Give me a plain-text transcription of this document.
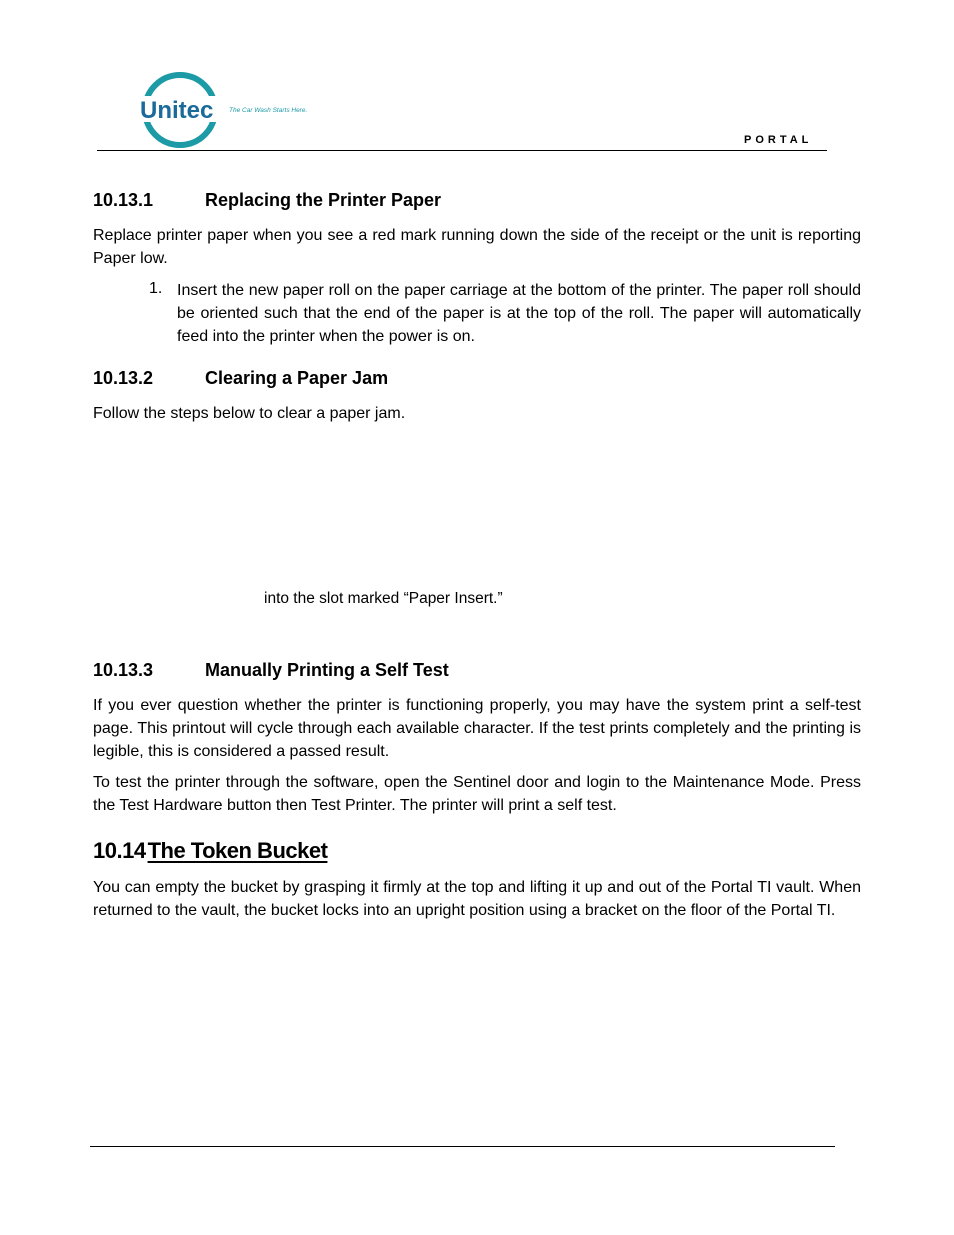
Unitec The Car Wash Starts Here.
PORTAL
10.13.1	Replacing the Printer Paper

Replace printer paper when you see a red mark running down the side of the receipt or the unit is reporting Paper low.

1. Insert the new paper roll on the paper carriage at the bottom of the printer. The paper roll should be oriented such that the end of the paper is at the top of the roll. The paper will automatically feed into the printer when the power is on.

10.13.2	Clearing a Paper Jam

Follow the steps below to clear a paper jam.

into the slot marked “Paper Insert.”
10.13.3	Manually Printing a Self Test

If you ever question whether the printer is functioning properly, you may have the system print a self-test page. This printout will cycle through each available character. If the test prints completely and the printing is legible, this is considered a passed result.

To test the printer through the software, open the Sentinel door and login to the Maintenance Mode. Press the Test Hardware button then Test Printer. The printer will print a self test.

10.14The Token Bucket

You can empty the bucket by grasping it firmly at the top and lifting it up and out of the Portal TI vault. When returned to the vault, the bucket locks into an upright position using a bracket on the floor of the Portal TI.
